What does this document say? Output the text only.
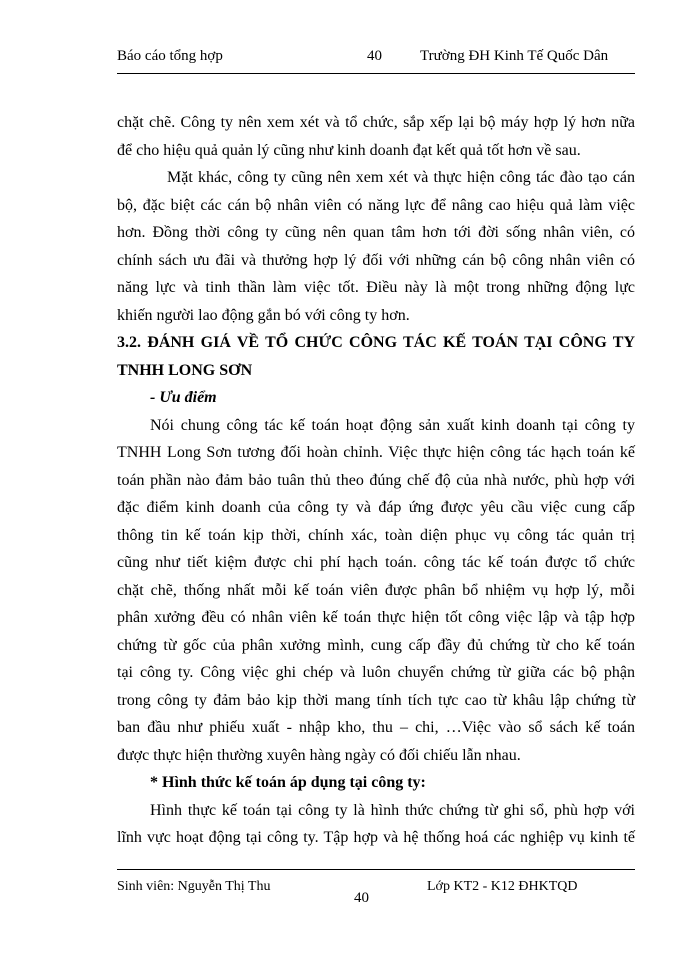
Báo cáo tổng hợp	40	Trường ĐH Kinh Tế Quốc Dân
chặt chẽ. Công ty nên xem xét và tổ chức, sắp xếp lại bộ máy hợp lý hơn nữa
để cho hiệu quả quản lý cũng như kinh doanh đạt kết quả tốt hơn về sau.
Mặt khác, công ty cũng nên xem xét và thực hiện công tác đào tạo cán
bộ, đặc biệt các cán bộ nhân viên có năng lực để nâng cao hiệu quả làm việc
hơn. Đồng thời công ty cũng nên quan tâm hơn tới đời sống nhân viên, có
chính sách ưu đãi và thưởng hợp lý đối với những cán bộ công nhân viên có
năng lực và tinh thần làm việc tốt. Điều này là một trong những động lực
khiến người lao động gắn bó với công ty hơn.
3.2. ĐÁNH GIÁ VỀ TỔ CHỨC CÔNG TÁC KẾ TOÁN TẠI CÔNG TY
TNHH LONG SƠN
- Ưu điểm
Nói chung công tác kế toán hoạt động sản xuất kinh doanh tại công ty
TNHH Long Sơn tương đối hoàn chỉnh. Việc thực hiện công tác hạch toán kế
toán phần nào đảm bảo tuân thủ theo đúng chế độ của nhà nước, phù hợp với
đặc điểm kinh doanh của công ty và đáp ứng được yêu cầu việc cung cấp
thông tin kế toán kịp thời, chính xác, toàn diện phục vụ công tác quản trị
cũng như tiết kiệm được chi phí hạch toán. công tác kế toán được tổ chức
chặt chẽ, thống nhất mỗi kế toán viên được phân bổ nhiệm vụ hợp lý, mỗi
phân xưởng đều có nhân viên kế toán thực hiện tốt công việc lập và tập hợp
chứng từ gốc của phân xưởng mình, cung cấp đầy đủ chứng từ cho kế toán
tại công ty. Công việc ghi chép và luôn chuyển chứng từ giữa các bộ phận
trong công ty đảm bảo kịp thời mang tính tích tực cao từ khâu lập chứng từ
ban đầu như phiếu xuất - nhập kho, thu – chi, …Việc vào sổ sách kế toán
được thực hiện thường xuyên hàng ngày có đối chiếu lẫn nhau.
* Hình thức kế toán áp dụng tại công ty:
Sinh viên: Nguyễn Thị Thu
40
Lớp KT2 - K12 ĐHKTQD
Hình thực kế toán tại công ty là hình thức chứng từ ghi sổ, phù hợp với
lĩnh vực hoạt động tại công ty. Tập hợp và hệ thống hoá các nghiệp vụ kinh tế
